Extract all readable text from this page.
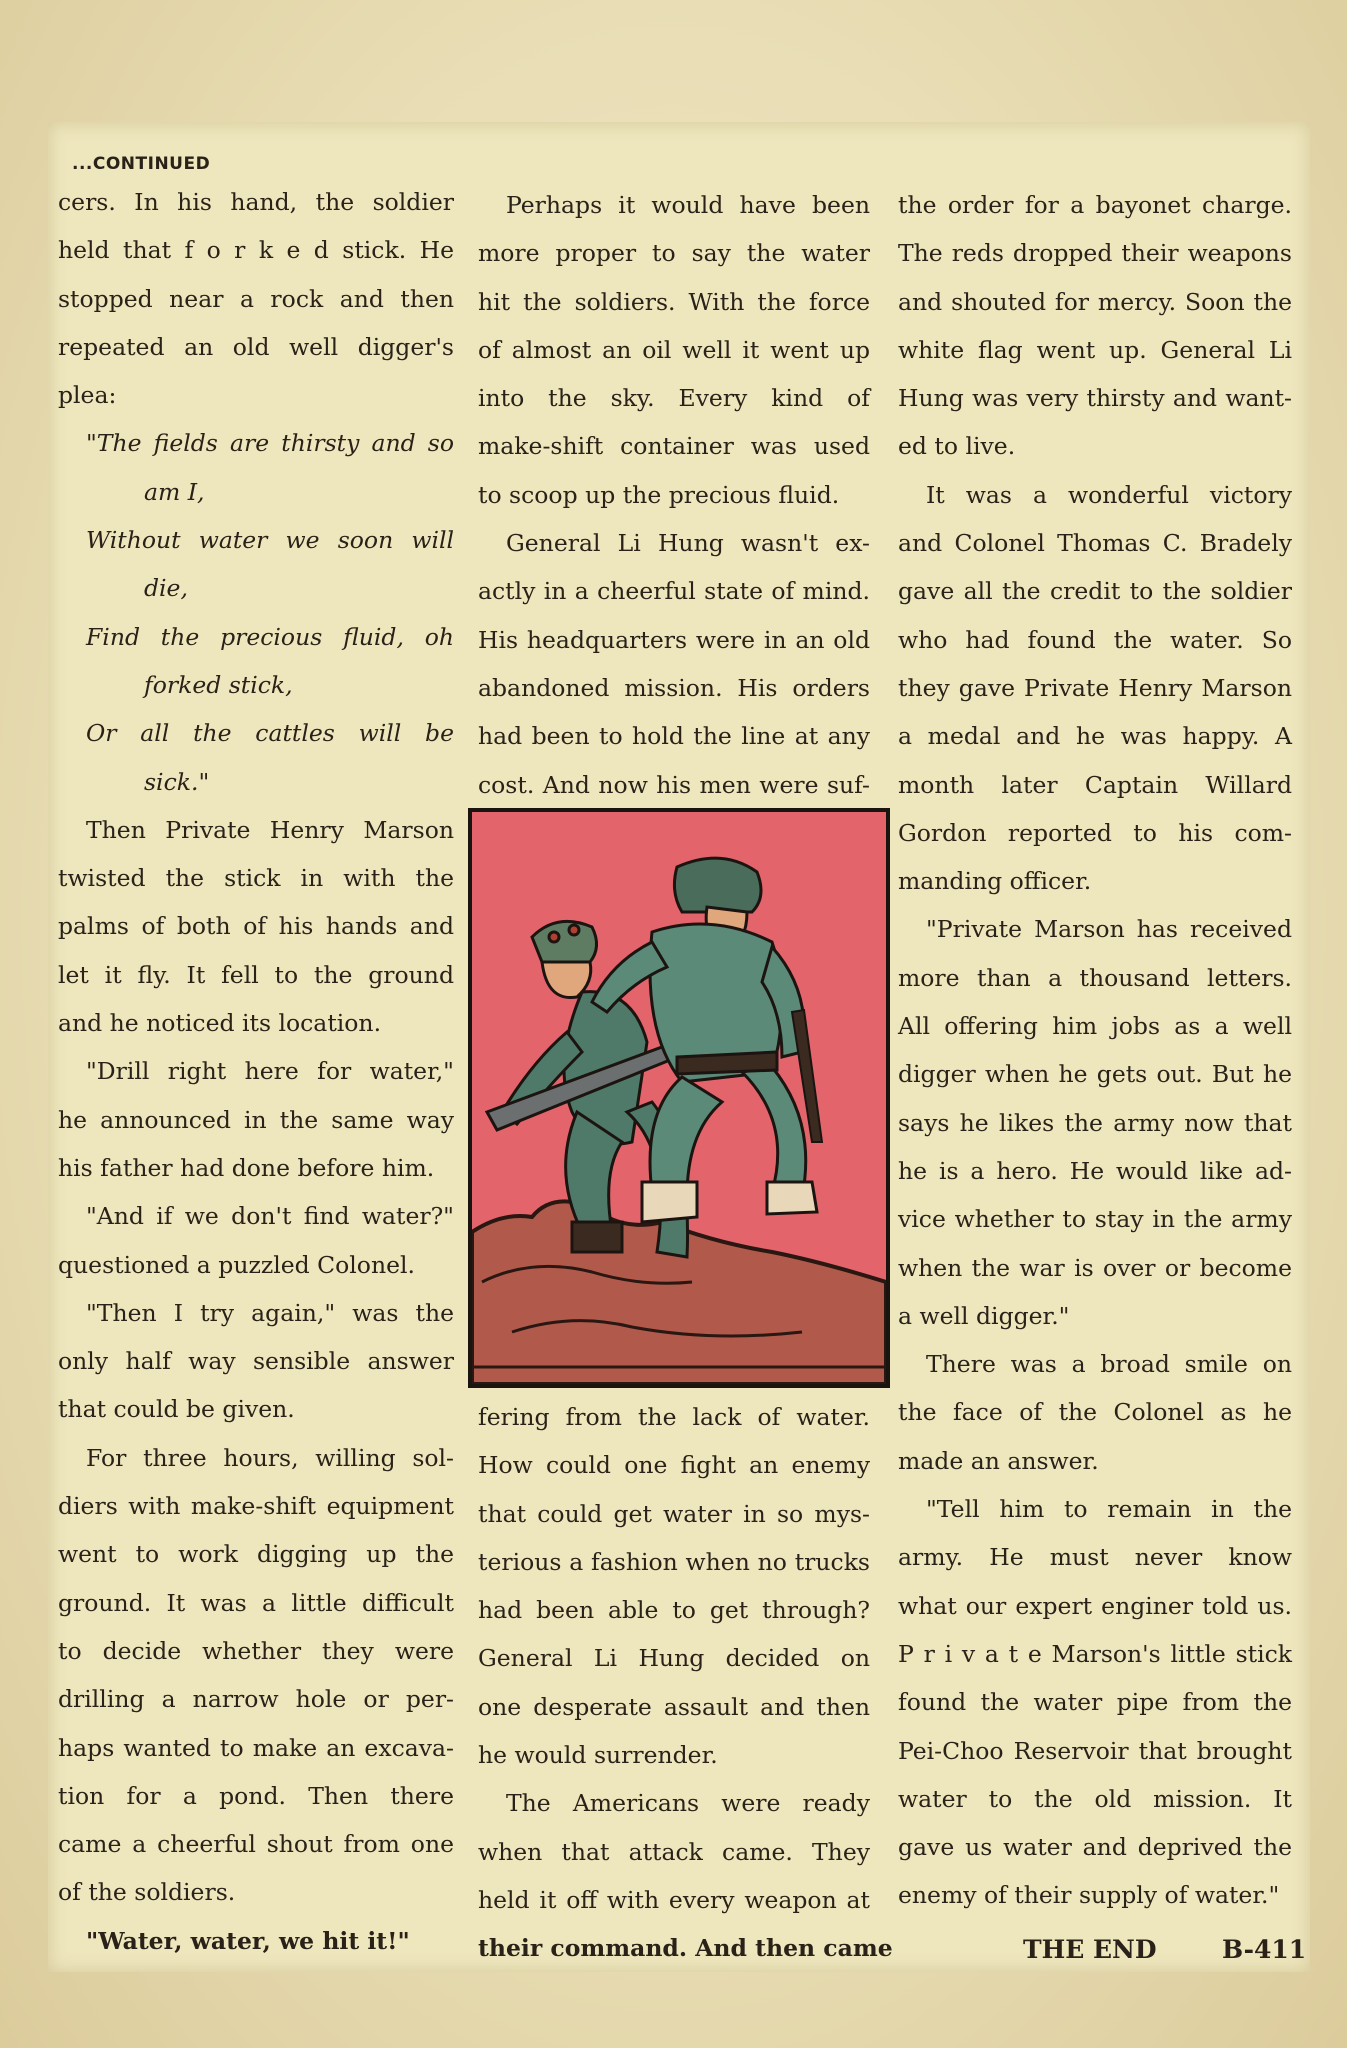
...CONTINUED
cers. In his hand, the soldier
held that f o r k e d stick. He
stopped near a rock and then
repeated an old well digger's
plea:
"The fields are thirsty and so
am I,
Without water we soon will
die,
Find the precious fluid, oh
forked stick,
Or all the cattles will be
sick."
Then Private Henry Marson
twisted the stick in with the
palms of both of his hands and
let it fly. It fell to the ground
and he noticed its location.
"Drill right here for water,"
he announced in the same way
his father had done before him.
"And if we don't find water?"
questioned a puzzled Colonel.
"Then I try again," was the
only half way sensible answer
that could be given.
For three hours, willing sol-
diers with make-shift equipment
went to work digging up the
ground. It was a little difficult
to decide whether they were
drilling a narrow hole or per-
haps wanted to make an excava-
tion for a pond. Then there
came a cheerful shout from one
of the soldiers.
"Water, water, we hit it!"
Perhaps it would have been
more proper to say the water
hit the soldiers. With the force
of almost an oil well it went up
into the sky. Every kind of
make-shift container was used
to scoop up the precious fluid.
General Li Hung wasn't ex-
actly in a cheerful state of mind.
His headquarters were in an old
abandoned mission. His orders
had been to hold the line at any
cost. And now his men were suf-
fering from the lack of water.
How could one fight an enemy
that could get water in so mys-
terious a fashion when no trucks
had been able to get through?
General Li Hung decided on
one desperate assault and then
he would surrender.
The Americans were ready
when that attack came. They
held it off with every weapon at
their command. And then came
the order for a bayonet charge.
The reds dropped their weapons
and shouted for mercy. Soon the
white flag went up. General Li
Hung was very thirsty and want-
ed to live.
It was a wonderful victory
and Colonel Thomas C. Bradely
gave all the credit to the soldier
who had found the water. So
they gave Private Henry Marson
a medal and he was happy. A
month later Captain Willard
Gordon reported to his com-
manding officer.
"Private Marson has received
more than a thousand letters.
All offering him jobs as a well
digger when he gets out. But he
says he likes the army now that
he is a hero. He would like ad-
vice whether to stay in the army
when the war is over or become
a well digger."
There was a broad smile on
the face of the Colonel as he
made an answer.
"Tell him to remain in the
army. He must never know
what our expert enginer told us.
P r i v a t e Marson's little stick
found the water pipe from the
Pei-Choo Reservoir that brought
water to the old mission. It
gave us water and deprived the
enemy of their supply of water."
THE END	B-411
